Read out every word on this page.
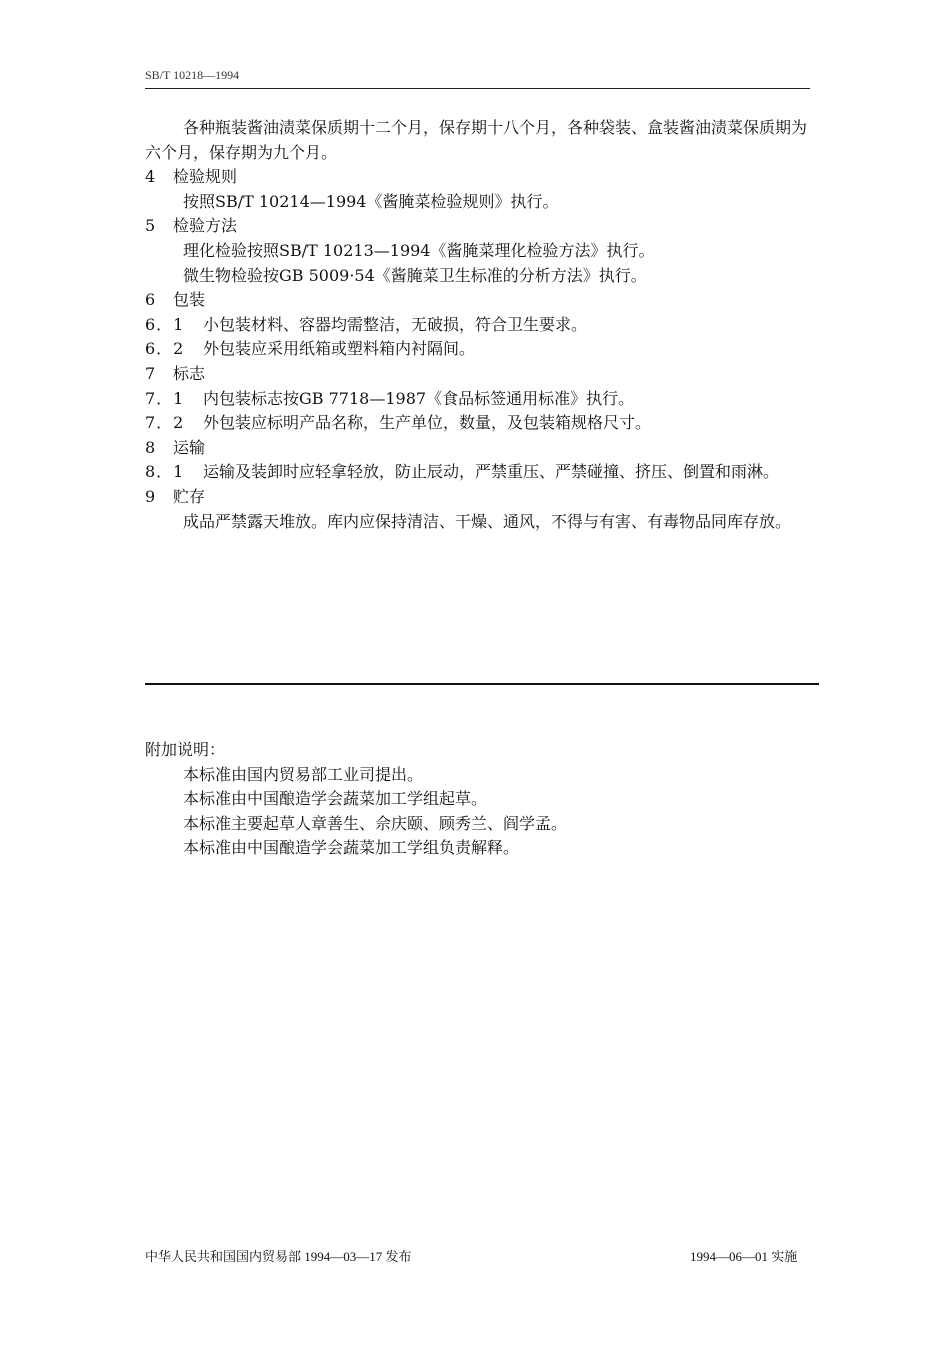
SB/T 10218—1994
各种瓶装酱油渍菜保质期十二个月，保存期十八个月，各种袋装、盒装酱油渍菜保质期为六个月，保存期为九个月。
4 检验规则
按照SB/T 10214—1994《酱腌菜检验规则》执行。
5 检验方法
理化检验按照SB/T 10213—1994《酱腌菜理化检验方法》执行。
微生物检验按GB 5009·54《酱腌菜卫生标准的分析方法》执行。
6 包装
6．1 小包装材料、容器均需整洁，无破损，符合卫生要求。
6．2 外包装应采用纸箱或塑料箱内衬隔间。
7 标志
7．1 内包装标志按GB 7718—1987《食品标签通用标准》执行。
7．2 外包装应标明产品名称，生产单位，数量，及包装箱规格尺寸。
8 运输
8．1 运输及装卸时应轻拿轻放，防止辰动，严禁重压、严禁碰撞、挤压、倒置和雨淋。
9 贮存
成品严禁露天堆放。库内应保持清洁、干燥、通风，不得与有害、有毒物品同库存放。
附加说明：
本标准由国内贸易部工业司提出。
本标准由中国酿造学会蔬菜加工学组起草。
本标准主要起草人章善生、佘庆颐、顾秀兰、阎学孟。
本标准由中国酿造学会蔬菜加工学组负责解释。
中华人民共和国国内贸易部 1994—03—17 发布	1994—06—01 实施
